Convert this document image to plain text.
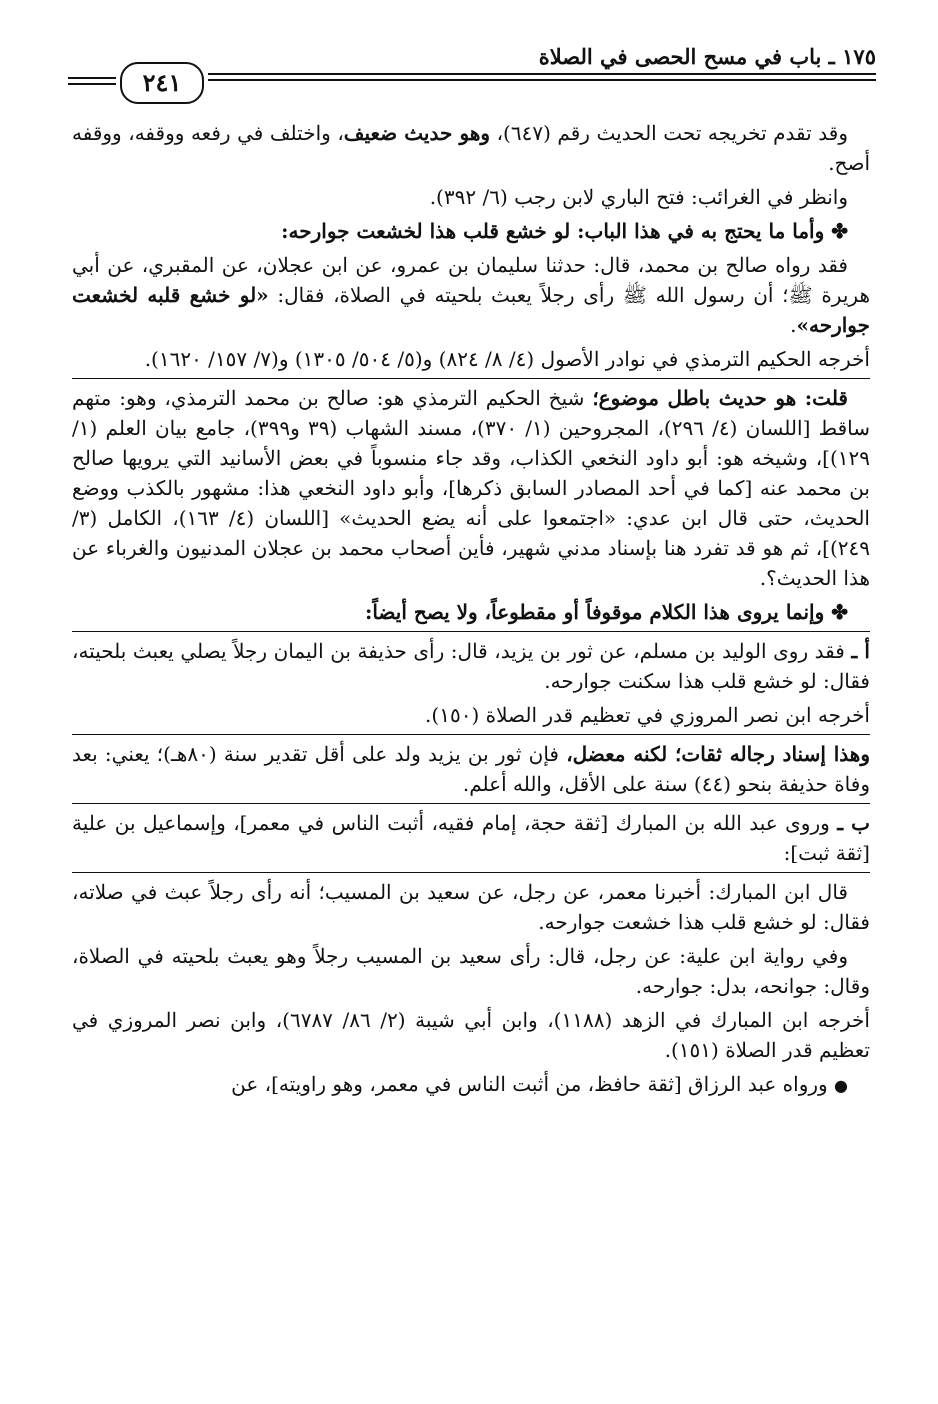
١٧٥ ـ باب في مسح الحصى في الصلاة
٢٤١

وقد تقدم تخريجه تحت الحديث رقم (٦٤٧)، وهو حديث ضعيف، واختلف في رفعه ووقفه، ووقفه أصح.

وانظر في الغرائب: فتح الباري لابن رجب (٦/ ٣٩٢).

✤ وأما ما يحتج به في هذا الباب: لو خشع قلب هذا لخشعت جوارحه:

فقد رواه صالح بن محمد، قال: حدثنا سليمان بن عمرو، عن ابن عجلان، عن المقبري، عن أبي هريرة ﷺ؛ أن رسول الله ﷺ رأى رجلاً يعبث بلحيته في الصلاة، فقال: «لو خشع قلبه لخشعت جوارحه».

أخرجه الحكيم الترمذي في نوادر الأصول (٤/ ٨/ ٨٢٤) و(٥/ ٥٠٤/ ١٣٠٥) و(٧/ ١٥٧/ ١٦٢٠).

قلت: هو حديث باطل موضوع؛ شيخ الحكيم الترمذي هو: صالح بن محمد الترمذي، وهو: متهم ساقط [اللسان (٤/ ٢٩٦)، المجروحين (١/ ٣٧٠)، مسند الشهاب (٣٩ و٣٩٩)، جامع بيان العلم (١/ ١٢٩)]، وشيخه هو: أبو داود النخعي الكذاب، وقد جاء منسوباً في بعض الأسانيد التي يرويها صالح بن محمد عنه [كما في أحد المصادر السابق ذكرها]، وأبو داود النخعي هذا: مشهور بالكذب ووضع الحديث، حتى قال ابن عدي: «اجتمعوا على أنه يضع الحديث» [اللسان (٤/ ١٦٣)، الكامل (٣/ ٢٤٩)]، ثم هو قد تفرد هنا بإسناد مدني شهير، فأين أصحاب محمد بن عجلان المدنيون والغرباء عن هذا الحديث؟.

✤ وإنما يروى هذا الكلام موقوفاً أو مقطوعاً، ولا يصح أيضاً:

أ ـ فقد روى الوليد بن مسلم، عن ثور بن يزيد، قال: رأى حذيفة بن اليمان رجلاً يصلي يعبث بلحيته، فقال: لو خشع قلب هذا سكنت جوارحه.

أخرجه ابن نصر المروزي في تعظيم قدر الصلاة (١٥٠).

وهذا إسناد رجاله ثقات؛ لكنه معضل، فإن ثور بن يزيد ولد على أقل تقدير سنة (٨٠هـ)؛ يعني: بعد وفاة حذيفة بنحو (٤٤) سنة على الأقل، والله أعلم.

ب ـ وروى عبد الله بن المبارك [ثقة حجة، إمام فقيه، أثبت الناس في معمر]، وإسماعيل بن علية [ثقة ثبت]:

قال ابن المبارك: أخبرنا معمر، عن رجل، عن سعيد بن المسيب؛ أنه رأى رجلاً عبث في صلاته، فقال: لو خشع قلب هذا خشعت جوارحه.

وفي رواية ابن علية: عن رجل، قال: رأى سعيد بن المسيب رجلاً وهو يعبث بلحيته في الصلاة، وقال: جوانحه، بدل: جوارحه.

أخرجه ابن المبارك في الزهد (١١٨٨)، وابن أبي شيبة (٢/ ٨٦/ ٦٧٨٧)، وابن نصر المروزي في تعظيم قدر الصلاة (١٥١).

● ورواه عبد الرزاق [ثقة حافظ، من أثبت الناس في معمر، وهو راويته]، عن
